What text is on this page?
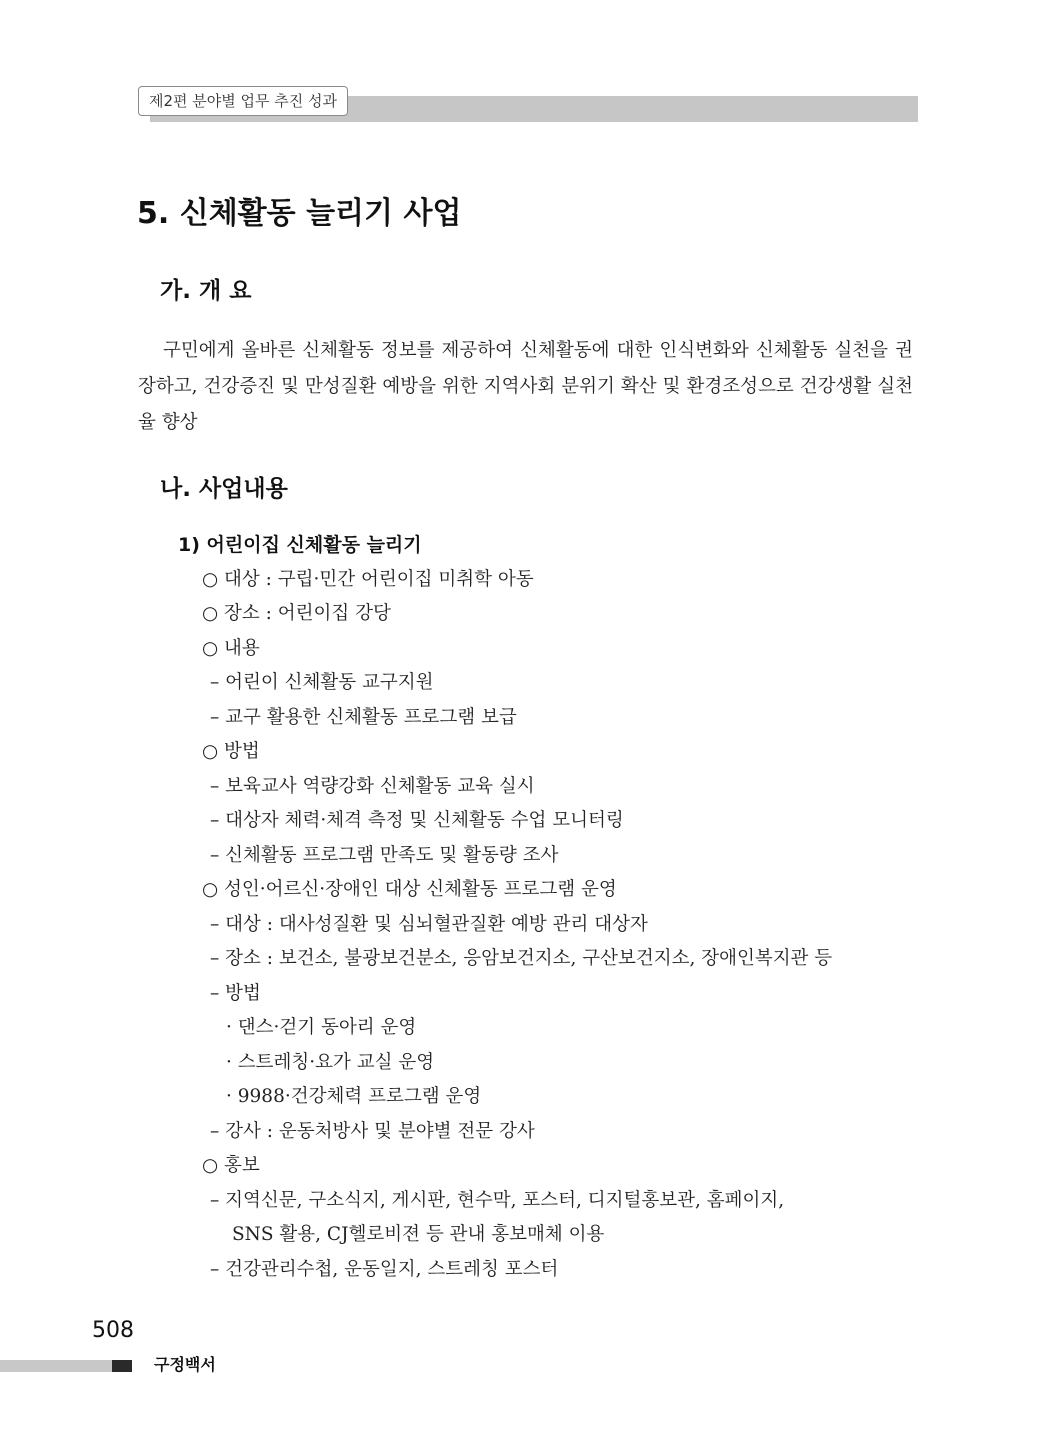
제2편 분야별 업무 추진 성과
5. 신체활동 늘리기 사업
가. 개 요

구민에게 올바른 신체활동 정보를 제공하여 신체활동에 대한 인식변화와 신체활동 실천을 권장하고, 건강증진 및 만성질환 예방을 위한 지역사회 분위기 확산 및 환경조성으로 건강생활 실천율 향상

나. 사업내용
1) 어린이집 신체활동 늘리기
○ 대상 : 구립·민간 어린이집 미취학 아동
○ 장소 : 어린이집 강당
○ 내용
– 어린이 신체활동 교구지원
– 교구 활용한 신체활동 프로그램 보급
○ 방법
– 보육교사 역량강화 신체활동 교육 실시
– 대상자 체력·체격 측정 및 신체활동 수업 모니터링
– 신체활동 프로그램 만족도 및 활동량 조사
○ 성인·어르신·장애인 대상 신체활동 프로그램 운영
– 대상 : 대사성질환 및 심뇌혈관질환 예방 관리 대상자
– 장소 : 보건소, 불광보건분소, 응암보건지소, 구산보건지소, 장애인복지관 등
– 방법
· 댄스·걷기 동아리 운영
· 스트레칭·요가 교실 운영
· 9988·건강체력 프로그램 운영
– 강사 : 운동처방사 및 분야별 전문 강사
○ 홍보
– 지역신문, 구소식지, 게시판, 현수막, 포스터, 디지털홍보관, 홈페이지,
SNS 활용, CJ헬로비젼 등 관내 홍보매체 이용
– 건강관리수첩, 운동일지, 스트레칭 포스터
508
구정백서
